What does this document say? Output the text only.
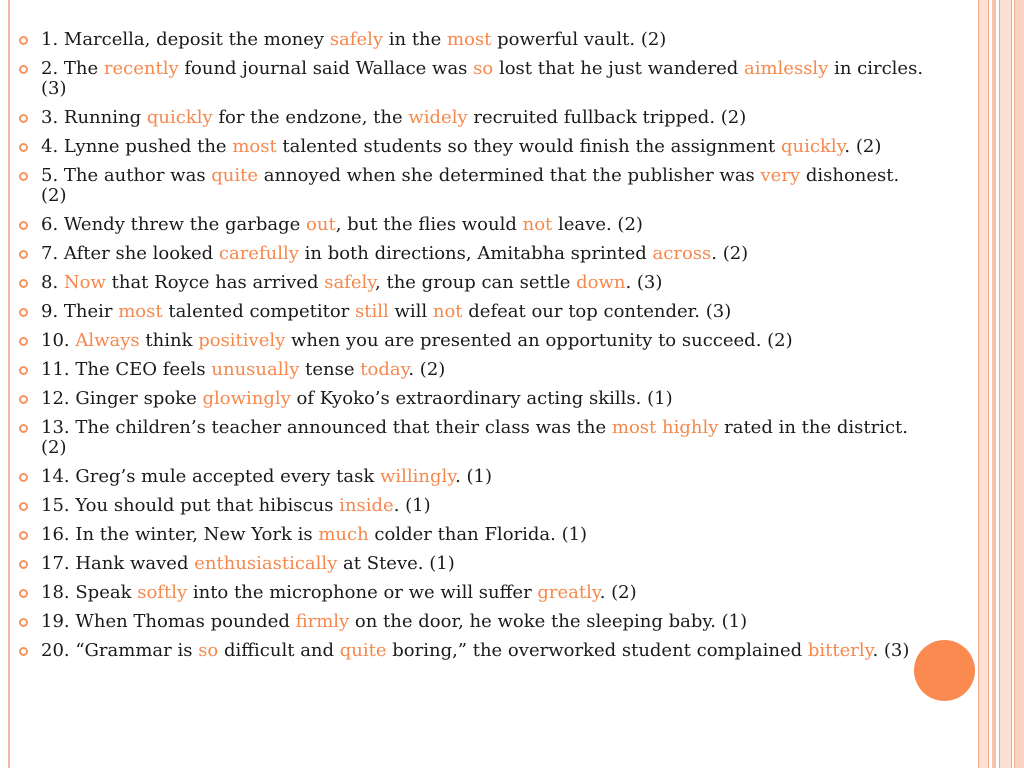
1. Marcella, deposit the money safely in the most powerful vault. (2)
2. The recently found journal said Wallace was so lost that he just wandered aimlessly in circles. (3)
3. Running quickly for the endzone, the widely recruited fullback tripped. (2)
4. Lynne pushed the most talented students so they would finish the assignment quickly. (2)
5. The author was quite annoyed when she determined that the publisher was very dishonest. (2)
6. Wendy threw the garbage out, but the flies would not leave. (2)
7. After she looked carefully in both directions, Amitabha sprinted across. (2)
8. Now that Royce has arrived safely, the group can settle down. (3)
9. Their most talented competitor still will not defeat our top contender. (3)
10. Always think positively when you are presented an opportunity to succeed. (2)
11. The CEO feels unusually tense today. (2)
12. Ginger spoke glowingly of Kyoko’s extraordinary acting skills. (1)
13. The children’s teacher announced that their class was the most highly rated in the district.(2)
14. Greg’s mule accepted every task willingly. (1)
15. You should put that hibiscus inside. (1)
16. In the winter, New York is much colder than Florida. (1)
17. Hank waved enthusiastically at Steve. (1)
18. Speak softly into the microphone or we will suffer greatly. (2)
19. When Thomas pounded firmly on the door, he woke the sleeping baby. (1)
20. “Grammar is so difficult and quite boring,” the overworked student complained bitterly. (3)
